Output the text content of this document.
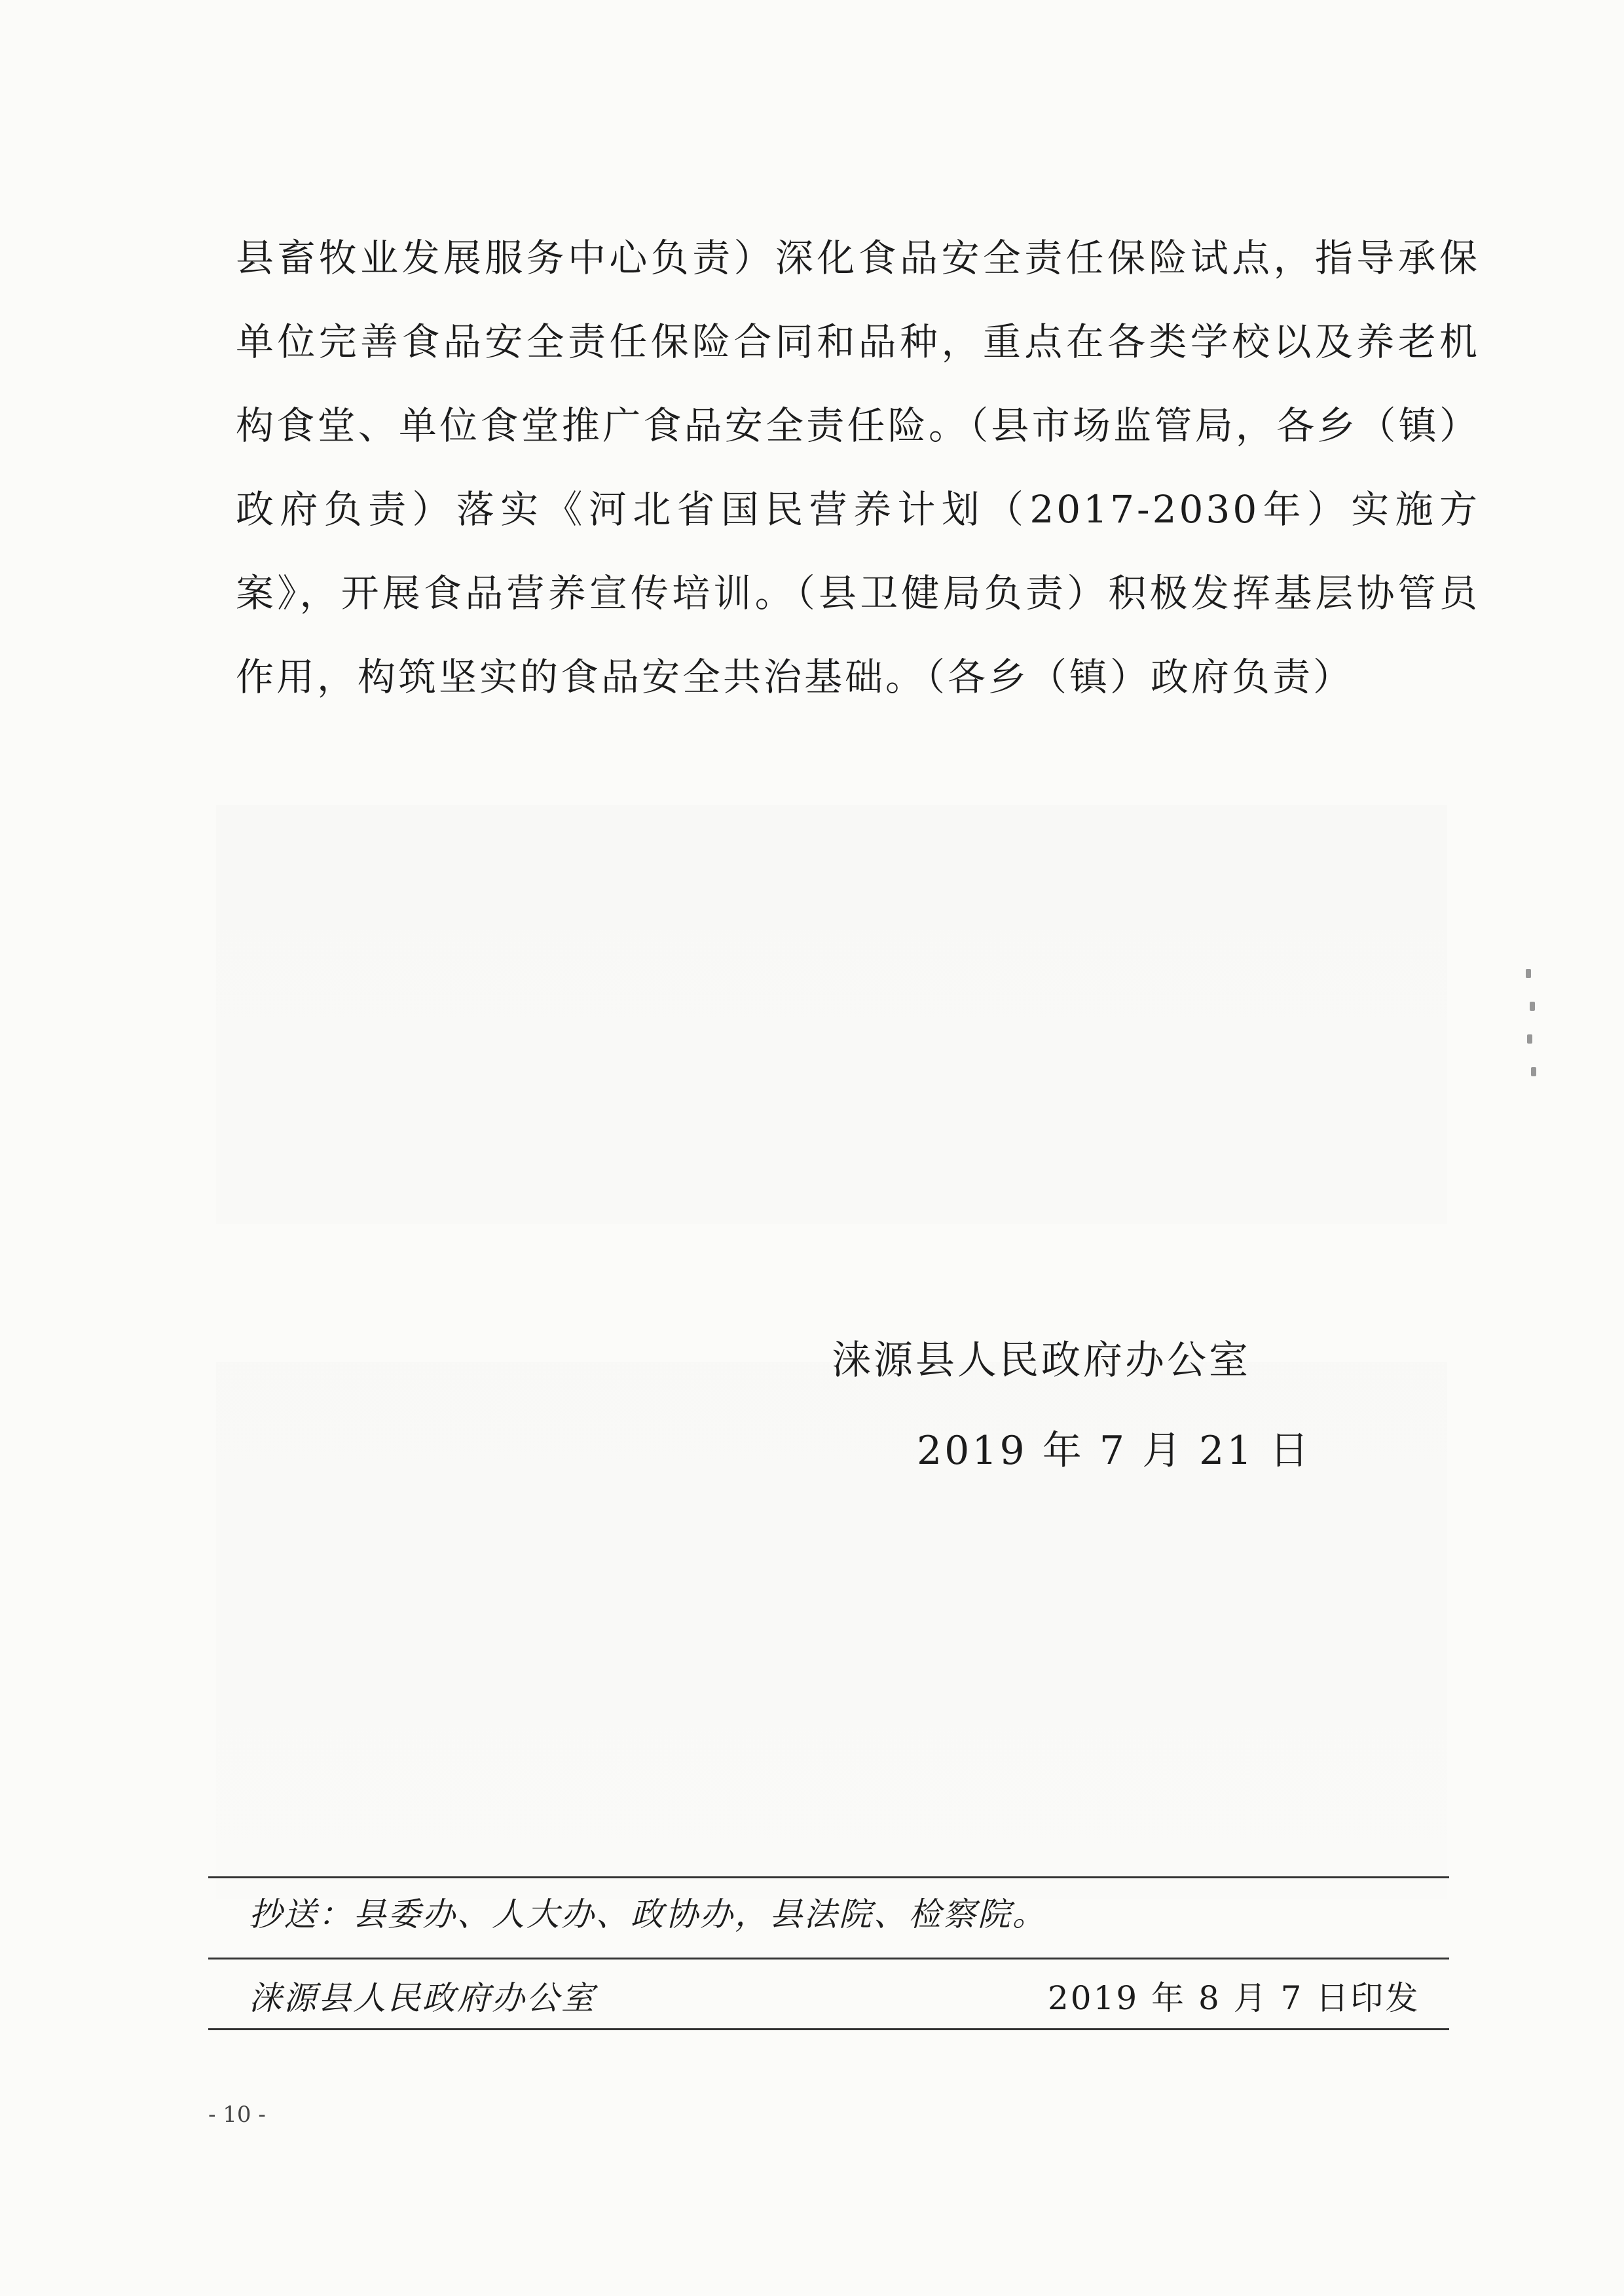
县畜牧业发展服务中心负责）深化食品安全责任保险试点，指导承保单位完善食品安全责任保险合同和品种，重点在各类学校以及养老机构食堂、单位食堂推广食品安全责任险。（县市场监管局，各乡（镇）政府负责）落实《河北省国民营养计划（2017-2030年）实施方案》，开展食品营养宣传培训。（县卫健局负责）积极发挥基层协管员作用，构筑坚实的食品安全共治基础。（各乡（镇）政府负责）

涞源县人民政府办公室
2019 年 7 月 21 日
抄送：县委办、人大办、政协办，县法院、检察院。
涞源县人民政府办公室	2019 年 8 月 7 日印发
- 10 -
